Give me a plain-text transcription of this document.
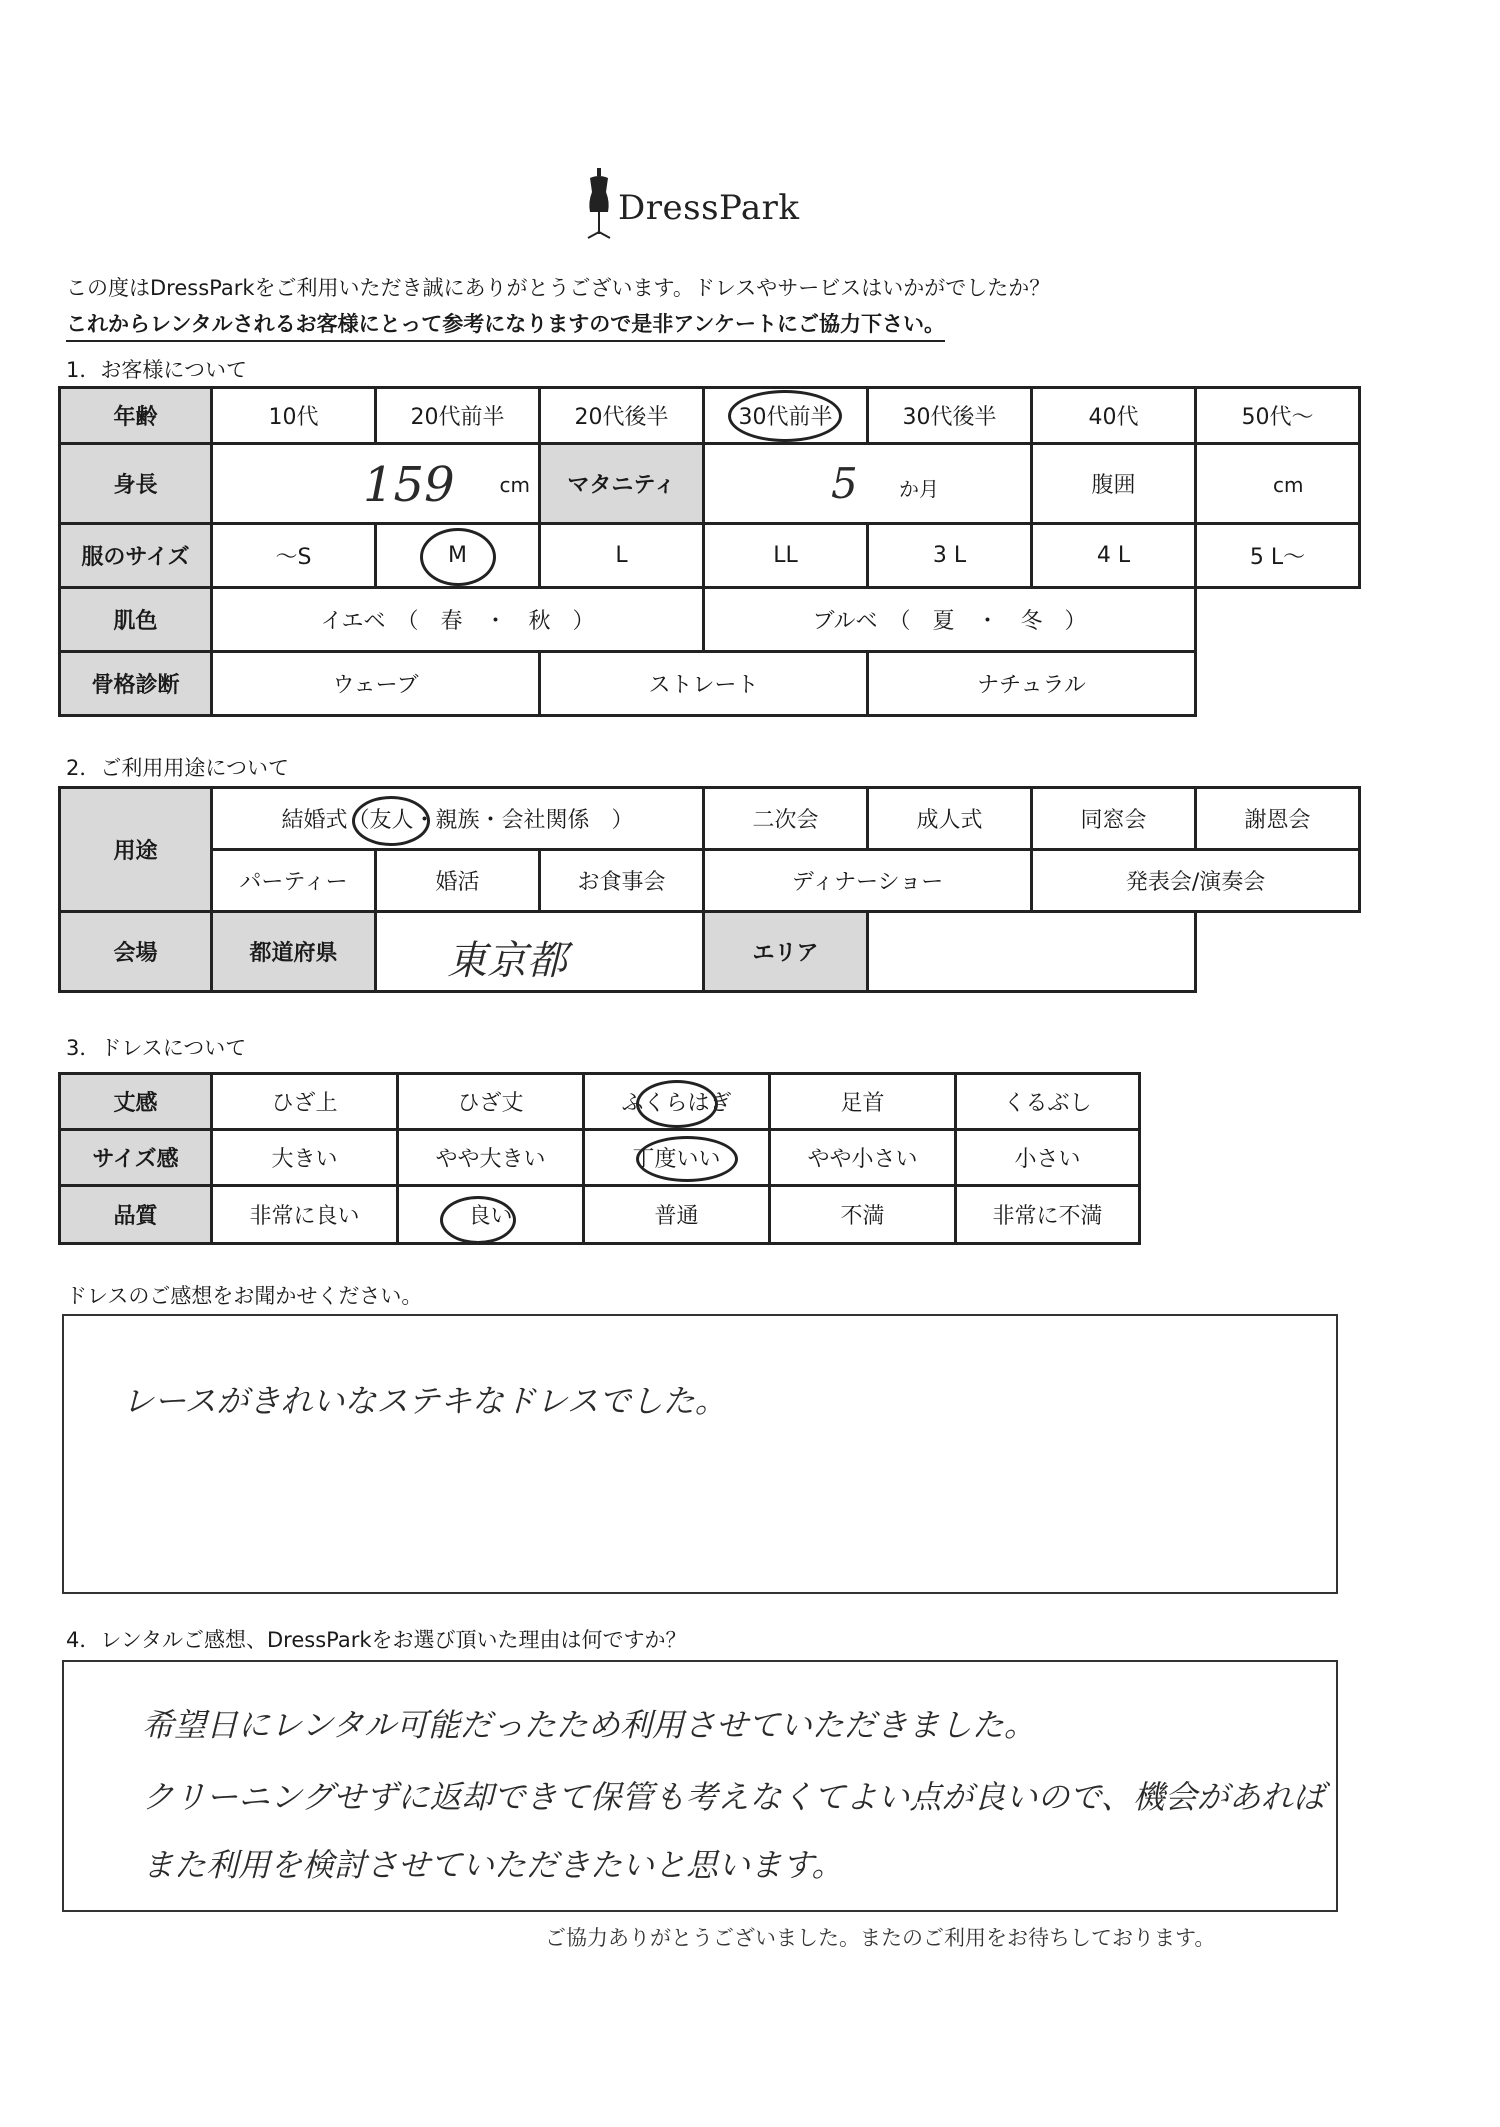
DressPark
この度はDressParkをご利用いただき誠にありがとうございます。ドレスやサービスはいかがでしたか？
これからレンタルされるお客様にとって参考になりますので是非アンケートにご協力下さい。
1．お客様について
年齢	10代	20代前半	20代後半	30代前半	30代後半	40代	50代～
身長	159 cm		マタニティ	5 か月		腹囲	cm

服のサイズ	～S	M	L	LL	3 L	4 L	5 L～
肌色	イエベ　（　春　・　秋　）			ブルベ　（　夏　・　冬　）			
骨格診断	ウェーブ		ストレート		ナチュラル		
2．ご利用用途について
用途	結婚式（友人・親族・会社関係　）			二次会	成人式	同窓会	謝恩会
	パーティー	婚活	お食事会	ディナーショー		発表会/演奏会	
会場	都道府県	東京都		エリア			
3．ドレスについて
丈感	ひざ上	ひざ丈	ふくらはぎ	足首	くるぶし
サイズ感	大きい	やや大きい	丁度いい	やや小さい	小さい
品質	非常に良い	良い	普通	不満	非常に不満
ドレスのご感想をお聞かせください。
レースがきれいなステキなドレスでした。
4．レンタルご感想、DressParkをお選び頂いた理由は何ですか？
希望日にレンタル可能だったため利用させていただきました。
クリーニングせずに返却できて保管も考えなくてよい点が良いので、機会があれば
また利用を検討させていただきたいと思います。
ご協力ありがとうございました。またのご利用をお待ちしております。
